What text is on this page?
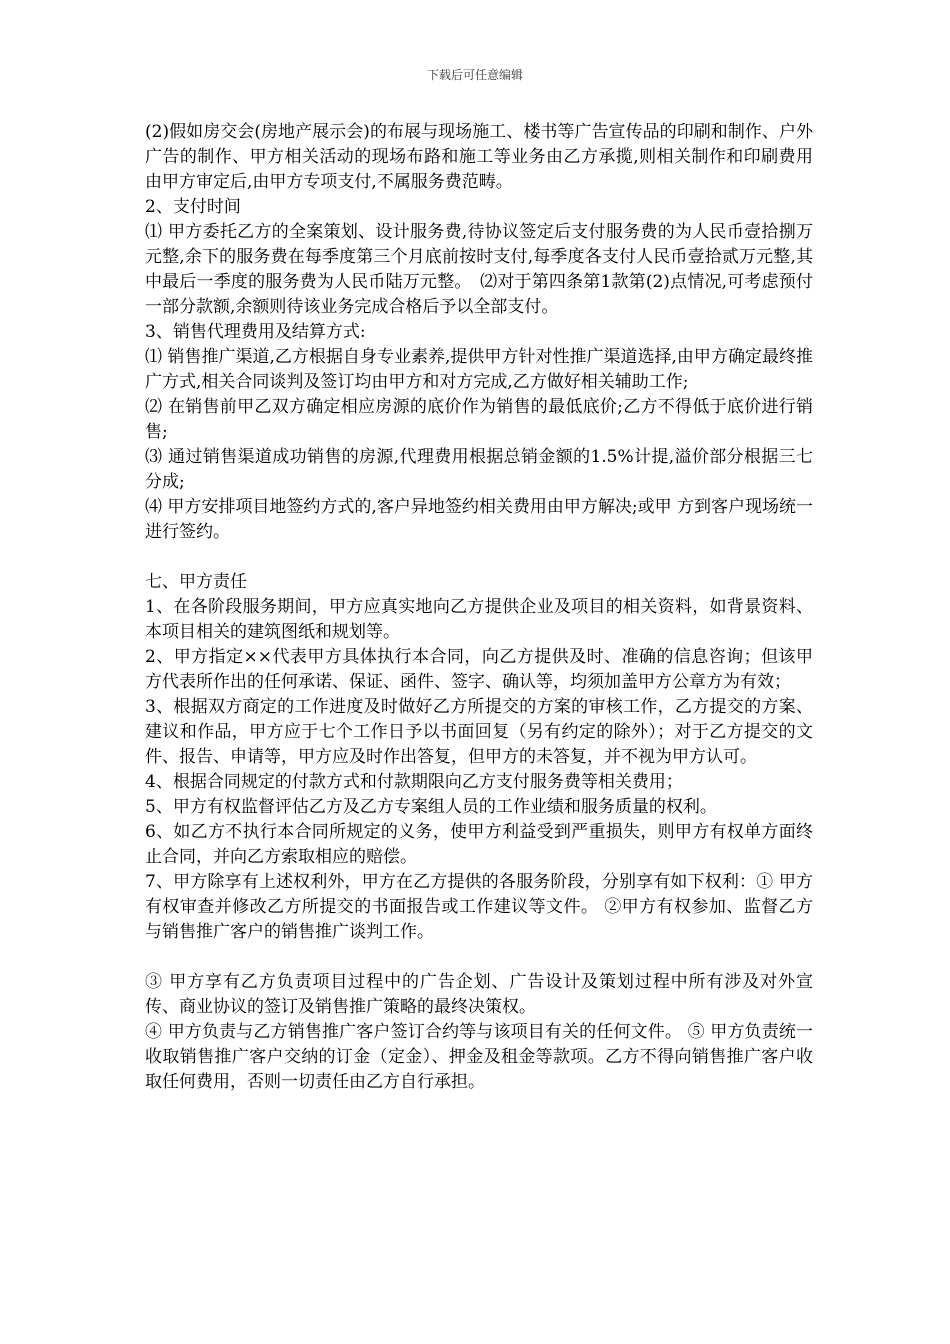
下载后可任意编辑

(2)假如房交会(房地产展示会)的布展与现场施工、楼书等广告宣传品的印刷和制作、户外广告的制作、甲方相关活动的现场布路和施工等业务由乙方承揽,则相关制作和印刷费用由甲方审定后,由甲方专项支付,不属服务费范畴。

2、支付时间

⑴ 甲方委托乙方的全案策划、设计服务费,待协议签定后支付服务费的为人民币壹拾捌万元整,余下的服务费在每季度第三个月底前按时支付,每季度各支付人民币壹拾贰万元整,其中最后一季度的服务费为人民币陆万元整。　⑵对于第四条第1款第(2)点情况,可考虑预付一部分款额,余额则待该业务完成合格后予以全部支付。

3、销售代理费用及结算方式:

⑴ 销售推广渠道,乙方根据自身专业素养,提供甲方针对性推广渠道选择,由甲方确定最终推广方式,相关合同谈判及签订均由甲方和对方完成,乙方做好相关辅助工作;

⑵ 在销售前甲乙双方确定相应房源的底价作为销售的最低底价;乙方不得低于底价进行销售;

⑶ 通过销售渠道成功销售的房源,代理费用根据总销金额的1.5%计提,溢价部分根据三七分成;

⑷ 甲方安排项目地签约方式的,客户异地签约相关费用由甲方解决;或甲 方到客户现场统一进行签约。

七、甲方责任

1、在各阶段服务期间，甲方应真实地向乙方提供企业及项目的相关资料，如背景资料、本项目相关的建筑图纸和规划等。

2、甲方指定××代表甲方具体执行本合同，向乙方提供及时、准确的信息咨询；但该甲方代表所作出的任何承诺、保证、函件、签字、确认等，均须加盖甲方公章方为有效；

3、根据双方商定的工作进度及时做好乙方所提交的方案的审核工作，乙方提交的方案、建议和作品，甲方应于七个工作日予以书面回复（另有约定的除外）；对于乙方提交的文件、报告、申请等，甲方应及时作出答复，但甲方的未答复，并不视为甲方认可。

4、根据合同规定的付款方式和付款期限向乙方支付服务费等相关费用；

5、甲方有权监督评估乙方及乙方专案组人员的工作业绩和服务质量的权利。

6、如乙方不执行本合同所规定的义务，使甲方利益受到严重损失，则甲方有权单方面终止合同，并向乙方索取相应的赔偿。

7、甲方除享有上述权利外，甲方在乙方提供的各服务阶段，分别享有如下权利：① 甲方有权审查并修改乙方所提交的书面报告或工作建议等文件。 ②甲方有权参加、监督乙方与销售推广客户的销售推广谈判工作。

③ 甲方享有乙方负责项目过程中的广告企划、广告设计及策划过程中所有涉及对外宣传、商业协议的签订及销售推广策略的最终决策权。

④ 甲方负责与乙方销售推广客户签订合约等与该项目有关的任何文件。 ⑤ 甲方负责统一收取销售推广客户交纳的订金（定金）、押金及租金等款项。乙方不得向销售推广客户收取任何费用，否则一切责任由乙方自行承担。
